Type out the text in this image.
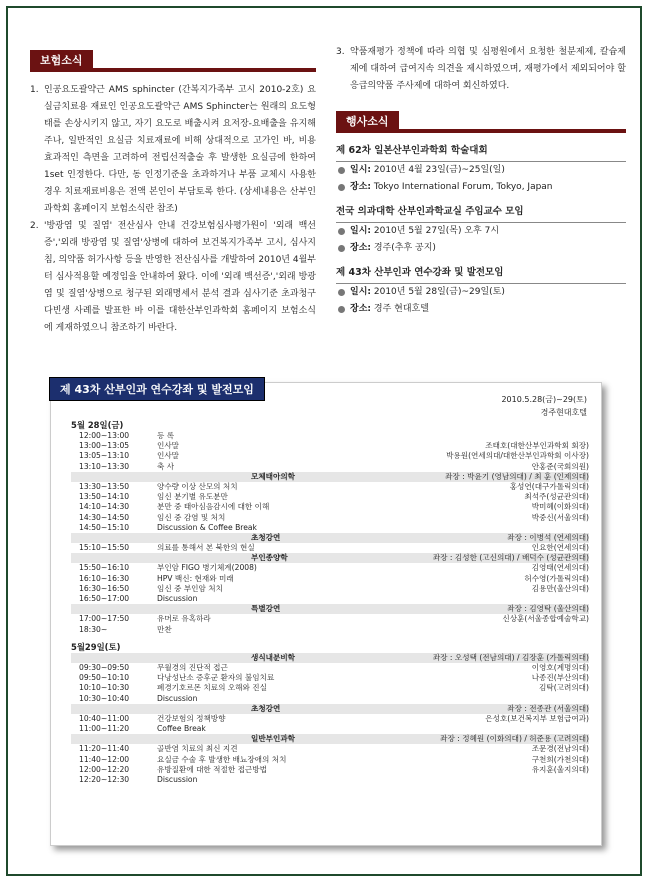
보험소식
1. 인공요도괄약근 AMS sphincter (간복지가족부 고시 2010-2호) 요실금치료용 재료인 인공요도괄약근 AMS Sphincter는 원래의 요도형태를 손상시키지 않고, 자기 요도로 배출시켜 요저장-요배출을 유지해주나, 일반적인 요실금 치료재료에 비해 상대적으로 고가인 바, 비용효과적인 측면을 고려하여 전립선적출술 후 발생한 요실금에 한하여 1set 인정한다. 다만, 동 인정기준을 초과하거나 부품 교체시 사용한 경우 치료재료비용은 전액 본인이 부담토록 한다. (상세내용은 산부인과학회 홈페이지 보험소식란 참조)
2. '방광염 및 질염' 전산심사 안내 건강보험심사평가원이 '외래 백선증','외래 방광염 및 질염'상병에 대하여 보건복지가족부 고시, 심사지침, 의약품 허가사항 등을 반영한 전산심사를 개발하여 2010년 4월부터 심사적용할 예정임을 안내하여 왔다. 이에 '외래 백선증','외래 방광염 및 질염'상병으로 청구된 외래명세서 분석 결과 심사기준 초과청구 다빈생 사례를 발표한 바 이를 대한산부인과학회 홈페이지 보험소식에 게재하였으니 참조하기 바란다.
3. 약품재평가 정책에 따라 의협 및 심평원에서 요청한 철분제제, 칼슘제제에 대하여 급여지속 의견을 제시하였으며, 재평가에서 제외되어야 할 응급의약품 주사제에 대하여 회신하였다.
행사소식
제 62차 일본산부인과학회 학술대회
일시: 2010년 4월 23일(금)~25일(일)
장소: Tokyo International Forum, Tokyo, Japan
전국 의과대학 산부인과학교실 주임교수 모임
일시: 2010년 5월 27일(목) 오후 7시
장소: 경주(추후 공지)
제 43차 산부인과 연수강좌 및 발전모임
일시: 2010년 5월 28일(금)~29일(토)
장소: 경주 현대호텔
제 43차 산부인과 연수강좌 및 발전모임
2010.5.28(금)~29(토)
경주현대호텔
5월 28일(금)
12:00~13:00	등 록
13:00~13:05	인사말	조태호(대한산부인과학회 회장)
13:05~13:10	인사말	박용원(연세의대/대한산부인과학회 이사장)
13:10~13:30	축 사	안홍준(국회의원)
모체태아의학	좌장 : 박윤기 (영남의대) / 최 훈 (인제의대)
13:30~13:50	양수량 이상 산모의 처치	홍성연(대구가톨릭의대)
13:50~14:10	임신 분기별 유도분만	최석주(성균관의대)
14:10~14:30	분만 중 태아심음감시에 대한 이해	박미혜(이화의대)
14:30~14:50	임신 중 감염 및 처치	박중신(서울의대)
14:50~15:10	Discussion & Coffee Break
초청강연	좌장 : 이병석 (연세의대)
15:10~15:50	의료를 통해서 본 북한의 현실	인요한(연세의대)
부인종양학	좌장 : 김성한 (고신의대) / 배덕수 (성균관의대)
15:50~16:10	부인암 FIGO 병기체계(2008)	김영태(연세의대)
16:10~16:30	HPV 백신: 현재와 미래	허수영(가톨릭의대)
16:30~16:50	임신 중 부인암 처치	김용만(울산의대)
16:50~17:00	Discussion
특별강연	좌장 : 김영탁 (울산의대)
17:00~17:50	유머로 유혹하라	신상훈(서울종합예술학교)
18:30~	만찬
5월29일(토)
생식내분비학	좌장 : 오성택 (전남의대) / 김장훈 (가톨릭의대)
09:30~09:50	무월경의 진단적 접근	이영호(계명의대)
09:50~10:10	다낭성난소 증후군 환자의 불임치료	나종진(부산의대)
10:10~10:30	폐경기호르몬 치료의 오해와 진실	김탁(고려의대)
10:30~10:40	Discussion
초청강연	좌장 : 전종관 (서울의대)
10:40~11:00	건강보험의 정책방향	은성호(보건복지부 보험급여과)
11:00~11:20	Coffee Break
일반부인과학	좌장 : 정혜원 (이화의대) / 허준용 (고려의대)
11:20~11:40	골반염 치료의 최신 지견	조문경(전남의대)
11:40~12:00	요실금 수술 후 발생한 배뇨장애의 처치	구천희(가천의대)
12:00~12:20	유방질환에 대한 적절한 접근방법	유지훈(울지의대)
12:20~12:30	Discussion
